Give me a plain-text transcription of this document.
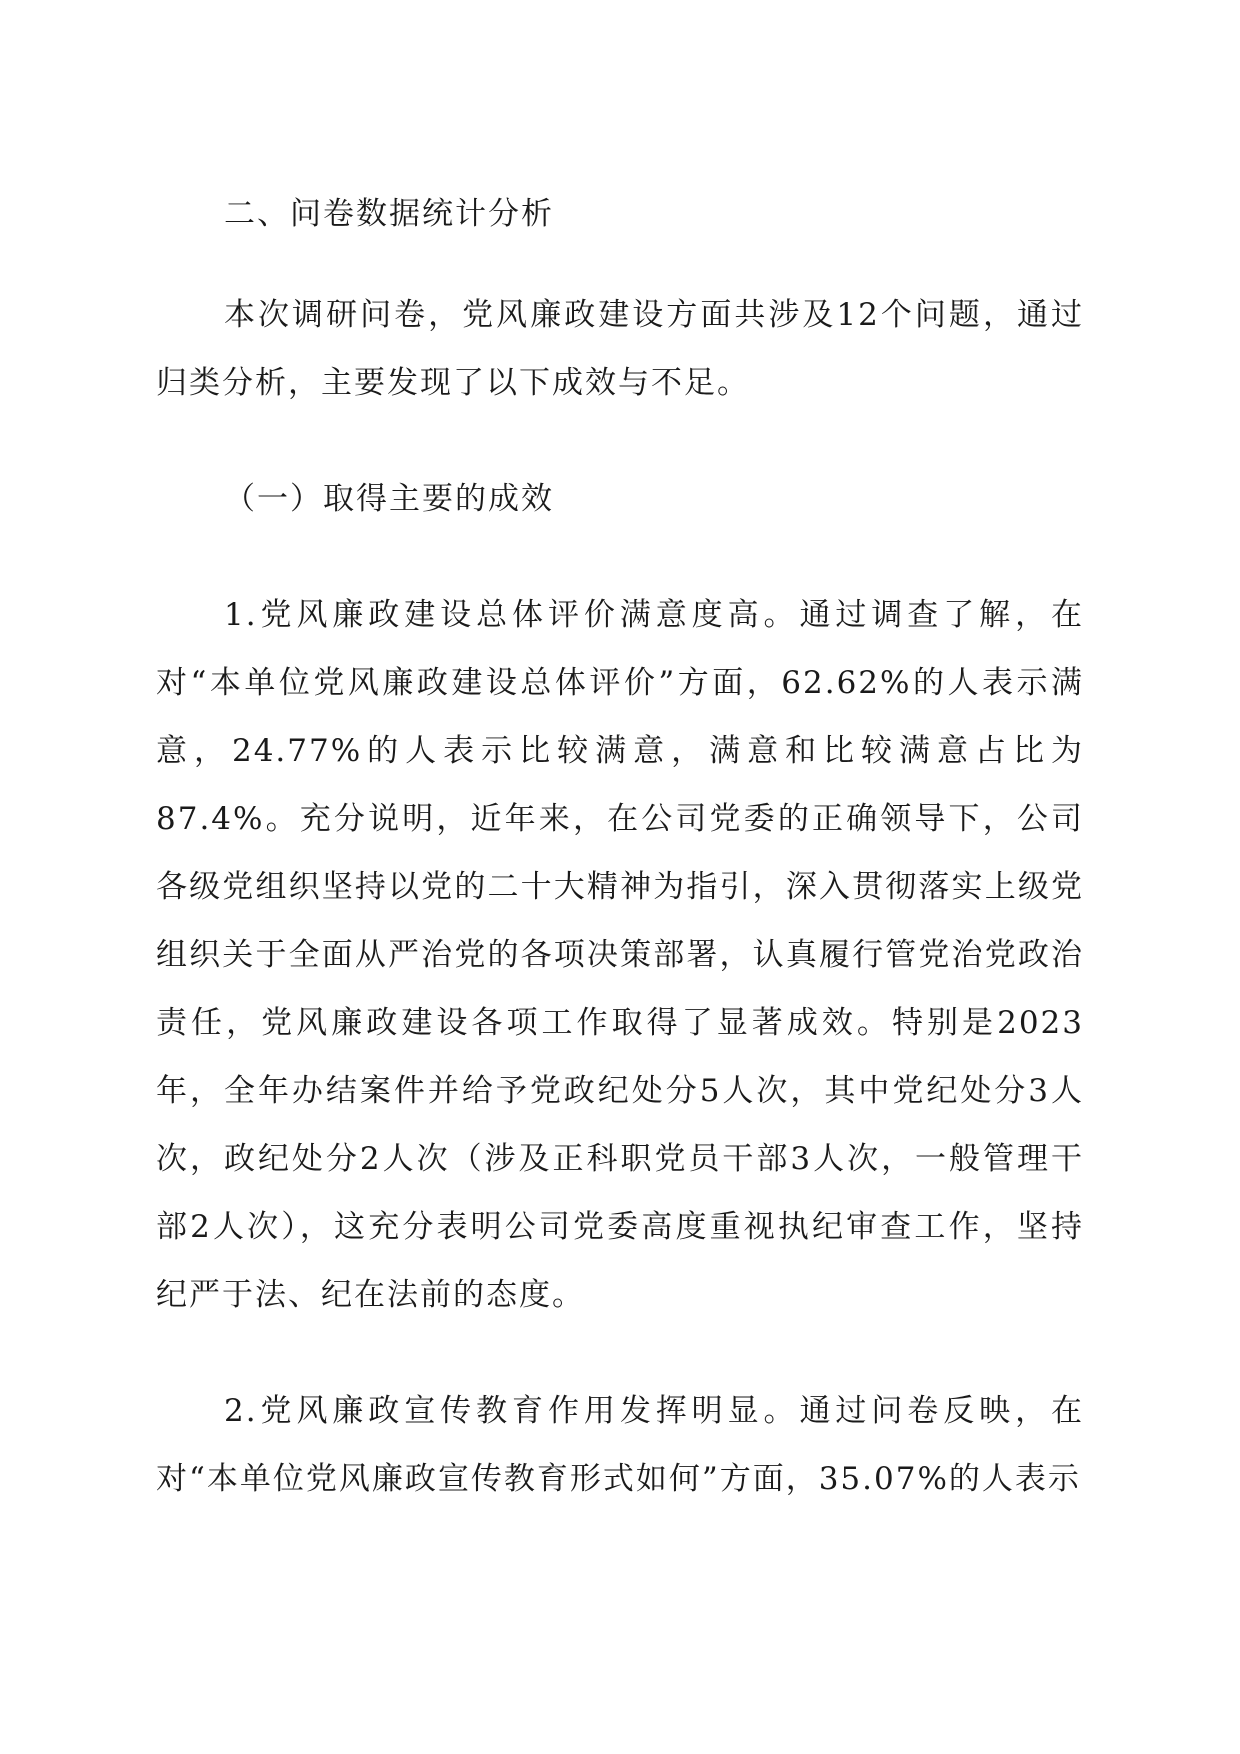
二、问卷数据统计分析

本次调研问卷，党风廉政建设方面共涉及12个问题，通过归类分析，主要发现了以下成效与不足。

（一）取得主要的成效

1.党风廉政建设总体评价满意度高。通过调查了解，在对“本单位党风廉政建设总体评价”方面，62.62%的人表示满意，24.77%的人表示比较满意，满意和比较满意占比为87.4%。充分说明，近年来，在公司党委的正确领导下，公司各级党组织坚持以党的二十大精神为指引，深入贯彻落实上级党组织关于全面从严治党的各项决策部署，认真履行管党治党政治责任，党风廉政建设各项工作取得了显著成效。特别是2023年，全年办结案件并给予党政纪处分5人次，其中党纪处分3人次，政纪处分2人次（涉及正科职党员干部3人次，一般管理干部2人次），这充分表明公司党委高度重视执纪审查工作，坚持纪严于法、纪在法前的态度。

2.党风廉政宣传教育作用发挥明显。通过问卷反映，在对“本单位党风廉政宣传教育形式如何”方面，35.07%的人表示
